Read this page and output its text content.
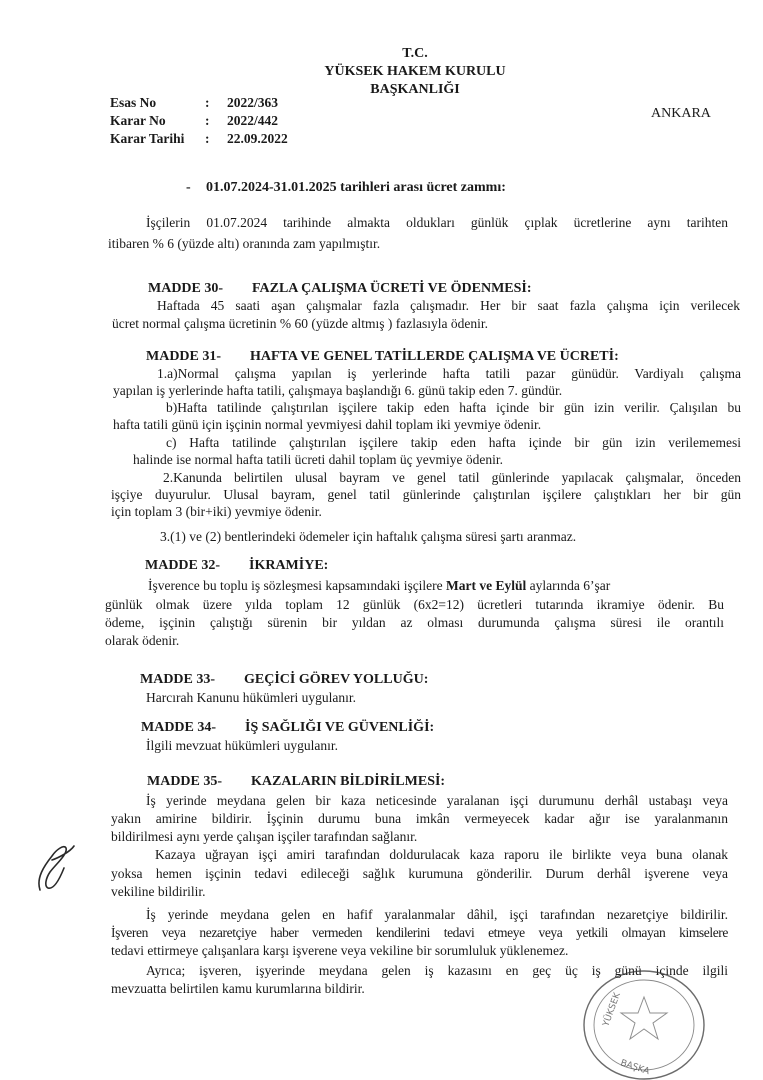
T.C.
YÜKSEK HAKEM KURULU
BAŞKANLIĞI
ANKARA
Esas No	: 2022/363
Karar No	: 2022/442
Karar Tarihi : 22.09.2022
- 01.07.2024-31.01.2025 tarihleri arası ücret zammı:
İşçilerin 01.07.2024 tarihinde almakta oldukları günlük çıplak ücretlerine aynı tarihten
itibaren % 6 (yüzde altı) oranında zam yapılmıştır.
MADDE 30- FAZLA ÇALIŞMA ÜCRETİ VE ÖDENMESİ:
Haftada 45 saati aşan çalışmalar fazla çalışmadır. Her bir saat fazla çalışma için verilecek
ücret normal çalışma ücretinin % 60 (yüzde altmış ) fazlasıyla ödenir.
MADDE 31- HAFTA VE GENEL TATİLLERDE ÇALIŞMA VE ÜCRETİ:
1.a)Normal çalışma yapılan iş yerlerinde hafta tatili pazar günüdür. Vardiyalı çalışma
yapılan iş yerlerinde hafta tatili, çalışmaya başlandığı 6. günü takip eden 7. gündür.
b)Hafta tatilinde çalıştırılan işçilere takip eden hafta içinde bir gün izin verilir. Çalışılan bu
hafta tatili günü için işçinin normal yevmiyesi dahil toplam iki yevmiye ödenir.
c) Hafta tatilinde çalıştırılan işçilere takip eden hafta içinde bir gün izin verilememesi
halinde ise normal hafta tatili ücreti dahil toplam üç yevmiye ödenir.
2.Kanunda belirtilen ulusal bayram ve genel tatil günlerinde yapılacak çalışmalar, önceden
işçiye duyurulur. Ulusal bayram, genel tatil günlerinde çalıştırılan işçilere çalıştıkları her bir gün
için toplam 3 (bir+iki) yevmiye ödenir.
3.(1) ve (2) bentlerindeki ödemeler için haftalık çalışma süresi şartı aranmaz.
MADDE 32- İKRAMİYE:
İşverence bu toplu iş sözleşmesi kapsamındaki işçilere Mart ve Eylül aylarında 6’şar
günlük olmak üzere yılda toplam 12 günlük (6x2=12) ücretleri tutarında ikramiye ödenir. Bu
ödeme, işçinin çalıştığı sürenin bir yıldan az olması durumunda çalışma süresi ile orantılı
olarak ödenir.
MADDE 33- GEÇİCİ GÖREV YOLLUĞU:
Harcırah Kanunu hükümleri uygulanır.
MADDE 34- İŞ SAĞLIĞI VE GÜVENLİĞİ:
İlgili mevzuat hükümleri uygulanır.
MADDE 35- KAZALARIN BİLDİRİLMESİ:
İş yerinde meydana gelen bir kaza neticesinde yaralanan işçi durumunu derhâl ustabaşı veya
yakın amirine bildirir. İşçinin durumu buna imkân vermeyecek kadar ağır ise yaralanmanın
bildirilmesi aynı yerde çalışan işçiler tarafından sağlanır.
Kazaya uğrayan işçi amiri tarafından doldurulacak kaza raporu ile birlikte veya buna olanak
yoksa hemen işçinin tedavi edileceği sağlık kurumuna gönderilir. Durum derhâl işverene veya
vekiline bildirilir.
İş yerinde meydana gelen en hafif yaralanmalar dâhil, işçi tarafından nezaretçiye bildirilir.
İşveren veya nezaretçiye haber vermeden kendilerini tedavi etmeye veya yetkili olmayan kimselere
tedavi ettirmeye çalışanlara karşı işverene veya vekiline bir sorumluluk yüklenemez.
Ayrıca; işveren, işyerinde meydana gelen iş kazasını en geç üç iş günü içinde ilgili
mevzuatta belirtilen kamu kurumlarına bildirir.
YÜKSEK
BAŞKA
